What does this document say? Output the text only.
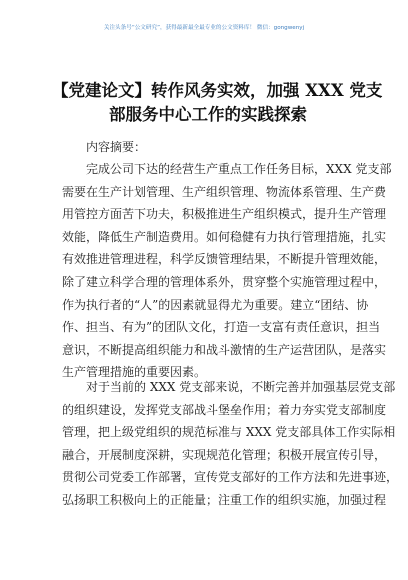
关注头条号“公文研究”，获得最新最全最专业的公文资料库！ 微信：gongwenyj
【党建论文】转作风务实效，加强 XXX 党支
部服务中心工作的实践探索
内容摘要：
完成公司下达的经营生产重点工作任务目标，XXX 党支部
需要在生产计划管理、生产组织管理、物流体系管理、生产费
用管控方面苦下功夫，积极推进生产组织模式，提升生产管理
效能，降低生产制造费用。如何稳健有力执行管理措施，扎实
有效推进管理进程，科学反馈管理结果，不断提升管理效能，
除了建立科学合理的管理体系外，贯穿整个实施管理过程中，
作为执行者的“人”的因素就显得尤为重要。建立“团结、协
作、担当、有为”的团队文化，打造一支富有责任意识，担当
意识，不断提高组织能力和战斗激情的生产运营团队，是落实
生产管理措施的重要因素。
对于当前的 XXX 党支部来说，不断完善并加强基层党支部
的组织建设，发挥党支部战斗堡垒作用；着力夯实党支部制度
管理，把上级党组织的规范标准与 XXX 党支部具体工作实际相
融合，开展制度深耕，实现规范化管理；积极开展宣传引导，
贯彻公司党委工作部署，宣传党支部好的工作方法和先进事迹，
弘扬职工积极向上的正能量；注重工作的组织实施，加强过程
